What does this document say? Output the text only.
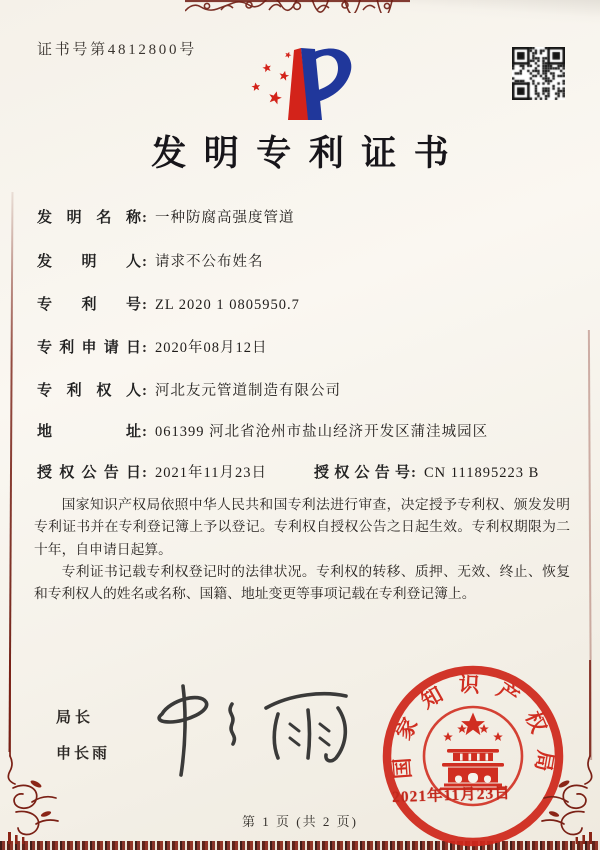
证书号第4812800号
发明专利证书
发明名称: 一种防腐高强度管道
发明人: 请求不公布姓名
专利号: ZL 2020 1 0805950.7
专利申请日: 2020年08月12日
专利权人: 河北友元管道制造有限公司
地址: 061399 河北省沧州市盐山经济开发区蒲洼城园区
授权公告日: 2021年11月23日	授权公告号: CN 111895223 B

国家知识产权局依照中华人民共和国专利法进行审查，决定授予专利权、颁发发明专利证书并在专利登记簿上予以登记。专利权自授权公告之日起生效。专利权期限为二十年，自申请日起算。

专利证书记载专利权登记时的法律状况。专利权的转移、质押、无效、终止、恢复和专利权人的姓名或名称、国籍、地址变更等事项记载在专利登记簿上。

局长
申长雨	国家知识产权局
2021年11月23日
第 1 页 (共 2 页)
